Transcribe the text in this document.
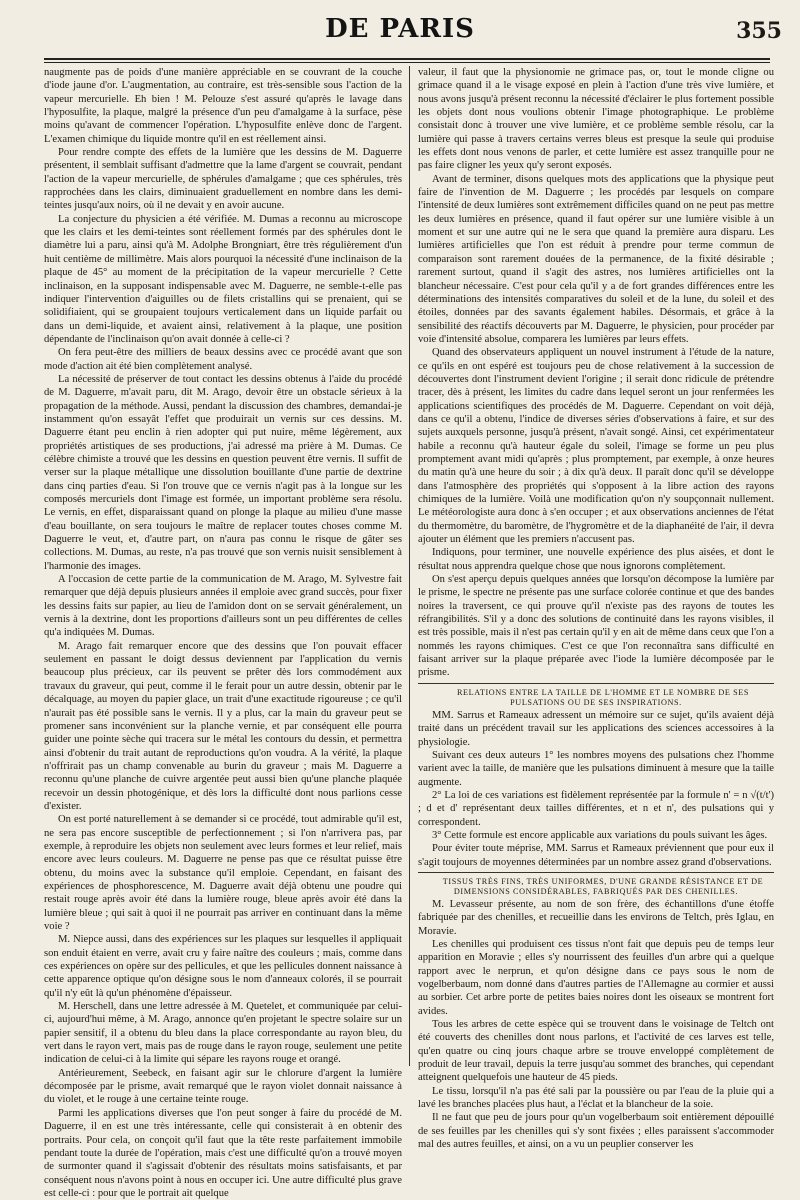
DE PARIS	355

naugmente pas de poids d'une manière appréciable en se couvrant de la couche d'iode jaune d'or. L'augmentation, au contraire, est très-sensible sous l'action de la vapeur mercurielle. Eh bien ! M. Pelouze s'est assuré qu'après le lavage dans l'hyposulfite, la plaque, malgré la présence d'un peu d'amalgame à la surface, pèse moins qu'avant de commencer l'opération. L'hyposulfite enlève donc de l'argent. L'examen chimique du liquide montre qu'il en est réellement ainsi.

Pour rendre compte des effets de la lumière que les dessins de M. Daguerre présentent, il semblait suffisant d'admettre que la lame d'argent se couvrait, pendant l'action de la vapeur mercurielle, de sphérules d'amalgame ; que ces sphérules, très rapprochées dans les clairs, diminuaient graduellement en nombre dans les demi-teintes jusqu'aux noirs, où il ne devait y en avoir aucune.

La conjecture du physicien a été vérifiée. M. Dumas a reconnu au microscope que les clairs et les demi-teintes sont réellement formés par des sphérules dont le diamètre lui a paru, ainsi qu'à M. Adolphe Brongniart, être très régulièrement d'un huit centième de millimètre. Mais alors pourquoi la nécessité d'une inclinaison de la plaque de 45° au moment de la précipitation de la vapeur mercurielle ? Cette inclinaison, en la supposant indispensable avec M. Daguerre, ne semble-t-elle pas indiquer l'intervention d'aiguilles ou de filets cristallins qui se prenaient, qui se solidifiaient, qui se groupaient toujours verticalement dans un liquide parfait ou dans un demi-liquide, et avaient ainsi, relativement à la plaque, une position dépendante de l'inclinaison qu'on avait donnée à celle-ci ?

On fera peut-être des milliers de beaux dessins avec ce procédé avant que son mode d'action ait été bien complètement analysé.

La nécessité de préserver de tout contact les dessins obtenus à l'aide du procédé de M. Daguerre, m'avait paru, dit M. Arago, devoir être un obstacle sérieux à la propagation de la méthode. Aussi, pendant la discussion des chambres, demandai-je instamment qu'on essayât l'effet que produirait un vernis sur ces dessins. M. Daguerre étant peu enclin à rien adopter qui put nuire, même légèrement, aux propriétés artistiques de ses productions, j'ai adressé ma prière à M. Dumas. Ce célèbre chimiste a trouvé que les dessins en question peuvent être vernis. Il suffit de verser sur la plaque métallique une dissolution bouillante d'une partie de dextrine dans cinq parties d'eau. Si l'on trouve que ce vernis n'agit pas à la longue sur les composés mercuriels dont l'image est formée, un important problème sera résolu. Le vernis, en effet, disparaissant quand on plonge la plaque au milieu d'une masse d'eau bouillante, on sera toujours le maître de replacer toutes choses comme M. Daguerre le veut, et, d'autre part, on n'aura pas connu le risque de gâter ses collections. M. Dumas, au reste, n'a pas trouvé que son vernis nuisit sensiblement à l'harmonie des images.

A l'occasion de cette partie de la communication de M. Arago, M. Sylvestre fait remarquer que déjà depuis plusieurs années il emploie avec grand succès, pour fixer les dessins faits sur papier, au lieu de l'amidon dont on se servait généralement, un vernis à la dextrine, dont les proportions d'ailleurs sont un peu différentes de celles qu'a indiquées M. Dumas.

M. Arago fait remarquer encore que des dessins que l'on pouvait effacer seulement en passant le doigt dessus deviennent par l'application du vernis beaucoup plus précieux, car ils peuvent se prêter dès lors commodément aux travaux du graveur, qui peut, comme il le ferait pour un autre dessin, obtenir par le décalquage, au moyen du papier glace, un trait d'une exactitude rigoureuse ; ce qu'il n'aurait pas été possible sans le vernis. Il y a plus, car la main du graveur peut se promener sans inconvénient sur la planche vernie, et par conséquent elle pourra guider une pointe sèche qui tracera sur le métal les contours du dessin, et permettra ainsi d'obtenir du trait autant de reproductions qu'on voudra. A la vérité, la plaque n'offrirait pas un champ convenable au burin du graveur ; mais M. Daguerre a reconnu qu'une planche de cuivre argentée peut aussi bien qu'une planche plaquée recevoir un dessin photogénique, et dès lors la difficulté dont nous parlions cesse d'exister.

On est porté naturellement à se demander si ce procédé, tout admirable qu'il est, ne sera pas encore susceptible de perfectionnement ; si l'on n'arrivera pas, par exemple, à reproduire les objets non seulement avec leurs formes et leur relief, mais encore avec leurs couleurs. M. Daguerre ne pense pas que ce résultat puisse être obtenu, du moins avec la substance qu'il emploie. Cependant, en faisant des expériences de phosphorescence, M. Daguerre avait déjà obtenu une poudre qui restait rouge après avoir été dans la lumière rouge, bleue après avoir été dans la lumière bleue ; qui sait à quoi il ne pourrait pas arriver en continuant dans la même voie ?

M. Niepce aussi, dans des expériences sur les plaques sur lesquelles il appliquait son enduit étaient en verre, avait cru y faire naître des couleurs ; mais, comme dans ces expériences on opère sur des pellicules, et que les pellicules donnent naissance à cette apparence optique qu'on désigne sous le nom d'anneaux colorés, il se pourrait qu'il n'y eût là qu'un phénomène d'épaisseur.

M. Herschell, dans une lettre adressée à M. Quetelet, et communiquée par celui-ci, aujourd'hui même, à M. Arago, annonce qu'en projetant le spectre solaire sur un papier sensitif, il a obtenu du bleu dans la place correspondante au rayon bleu, du vert dans le rayon vert, mais pas de rouge dans le rayon rouge, seulement une petite indication de celui-ci à la limite qui sépare les rayons rouge et orangé.

Antérieurement, Seebeck, en faisant agir sur le chlorure d'argent la lumière décomposée par le prisme, avait remarqué que le rayon violet donnait naissance à du violet, et le rouge à une certaine teinte rouge.

Parmi les applications diverses que l'on peut songer à faire du procédé de M. Daguerre, il en est une très intéressante, celle qui consisterait à en obtenir des portraits. Pour cela, on conçoit qu'il faut que la tête reste parfaitement immobile pendant toute la durée de l'opération, mais c'est une difficulté qu'on a trouvé moyen de surmonter quand il s'agissait d'obtenir des résultats moins satisfaisants, et par conséquent nous n'avons point à nous en occuper ici. Une autre difficulté plus grave est celle-ci : pour que le portrait ait quelque

valeur, il faut que la physionomie ne grimace pas, or, tout le monde cligne ou grimace quand il a le visage exposé en plein à l'action d'une très vive lumière, et nous avons jusqu'à présent reconnu la nécessité d'éclairer le plus fortement possible les objets dont nous voulions obtenir l'image photographique. Le problème consistait donc à trouver une vive lumière, et ce problème semble résolu, car la lumière qui passe à travers certains verres bleus est presque la seule qui produise les effets dont nous venons de parler, et cette lumière est assez tranquille pour ne pas faire cligner les yeux qu'y seront exposés.

Avant de terminer, disons quelques mots des applications que la physique peut faire de l'invention de M. Daguerre ; les procédés par lesquels on compare l'intensité de deux lumières sont extrêmement difficiles quand on ne peut pas mettre les deux lumières en présence, quand il faut opérer sur une lumière visible à un moment et sur une autre qui ne le sera que quand la première aura disparu. Les lumières artificielles que l'on est réduit à prendre pour terme commun de comparaison sont rarement douées de la permanence, de la fixité désirable ; rarement surtout, quand il s'agit des astres, nos lumières artificielles ont la blancheur nécessaire. C'est pour cela qu'il y a de fort grandes différences entre les déterminations des intensités comparatives du soleil et de la lune, du soleil et des étoiles, données par des savants également habiles. Désormais, et grâce à la sensibilité des réactifs découverts par M. Daguerre, le physicien, pour procéder par voie d'intensité absolue, comparera les lumières par leurs effets.

Quand des observateurs appliquent un nouvel instrument à l'étude de la nature, ce qu'ils en ont espéré est toujours peu de chose relativement à la succession de découvertes dont l'instrument devient l'origine ; il serait donc ridicule de prétendre tracer, dès à présent, les limites du cadre dans lequel seront un jour renfermées les applications scientifiques des procédés de M. Daguerre. Cependant on voit déjà, dans ce qu'il a obtenu, l'indice de diverses séries d'observations à faire, et sur des sujets auxquels personne, jusqu'à présent, n'avait songé. Ainsi, cet expérimentateur habile a reconnu qu'à hauteur égale du soleil, l'image se forme un peu plus promptement avant midi qu'après ; plus promptement, par exemple, à onze heures du matin qu'à une heure du soir ; à dix qu'à deux. Il paraît donc qu'il se développe dans l'atmosphère des propriétés qui s'opposent à la libre action des rayons chimiques de la lumière. Voilà une modification qu'on n'y soupçonnait nullement. Le météorologiste aura donc à s'en occuper ; et aux observations anciennes de l'état du thermomètre, du baromètre, de l'hygromètre et de la diaphanéité de l'air, il devra ajouter un élément que les premiers n'accusent pas.

Indiquons, pour terminer, une nouvelle expérience des plus aisées, et dont le résultat nous apprendra quelque chose que nous ignorons complètement.

On s'est aperçu depuis quelques années que lorsqu'on décompose la lumière par le prisme, le spectre ne présente pas une surface colorée continue et que des bandes noires la traversent, ce qui prouve qu'il n'existe pas des rayons de toutes les réfrangibilités. S'il y a donc des solutions de continuité dans les rayons visibles, il est très possible, mais il n'est pas certain qu'il y en ait de même dans ceux que l'on a nommés les rayons chimiques. C'est ce que l'on reconnaîtra sans difficulté en faisant arriver sur la plaque préparée avec l'iode la lumière décomposée par le prisme.

RELATIONS ENTRE LA TAILLE DE L'HOMME ET LE NOMBRE DE SES PULSATIONS OU DE SES INSPIRATIONS.

MM. Sarrus et Rameaux adressent un mémoire sur ce sujet, qu'ils avaient déjà traité dans un précédent travail sur les applications des sciences accessoires à la physiologie.

Suivant ces deux auteurs 1° les nombres moyens des pulsations chez l'homme varient avec la taille, de manière que les pulsations diminuent à mesure que la taille augmente.

2° La loi de ces variations est fidèlement représentée par la formule n' = n √(t/t') ; d et d' représentant deux tailles différentes, et n et n', des pulsations qui y correspondent.

3° Cette formule est encore applicable aux variations du pouls suivant les âges.

Pour éviter toute méprise, MM. Sarrus et Rameaux préviennent que pour eux il s'agit toujours de moyennes déterminées par un nombre assez grand d'observations.

TISSUS TRÈS FINS, TRÈS UNIFORMES, D'UNE GRANDE RÉSISTANCE ET DE DIMENSIONS CONSIDÉRABLES, FABRIQUÉS PAR DES CHENILLES.

M. Levasseur présente, au nom de son frère, des échantillons d'une étoffe fabriquée par des chenilles, et recueillie dans les environs de Teltch, près Iglau, en Moravie.

Les chenilles qui produisent ces tissus n'ont fait que depuis peu de temps leur apparition en Moravie ; elles s'y nourrissent des feuilles d'un arbre qui a quelque rapport avec le nerprun, et qu'on désigne dans ce pays sous le nom de vogelberbaum, nom donné dans d'autres parties de l'Allemagne au cormier et aussi au sorbier. Cet arbre porte de petites baies noires dont les oiseaux se montrent fort avides.

Tous les arbres de cette espèce qui se trouvent dans le voisinage de Teltch ont été couverts des chenilles dont nous parlons, et l'activité de ces larves est telle, qu'en quatre ou cinq jours chaque arbre se trouve enveloppé complètement de produit de leur travail, depuis la terre jusqu'au sommet des branches, qui cependant atteignent quelquefois une hauteur de 45 pieds.

Le tissu, lorsqu'il n'a pas été sali par la poussière ou par l'eau de la pluie qui a lavé les branches placées plus haut, a l'éclat et la blancheur de la soie.

Il ne faut que peu de jours pour qu'un vogelberbaum soit entièrement dépouillé de ses feuilles par les chenilles qui s'y sont fixées ; elles paraissent s'accommoder mal des autres feuilles, et ainsi, on a vu un peuplier conserver les
